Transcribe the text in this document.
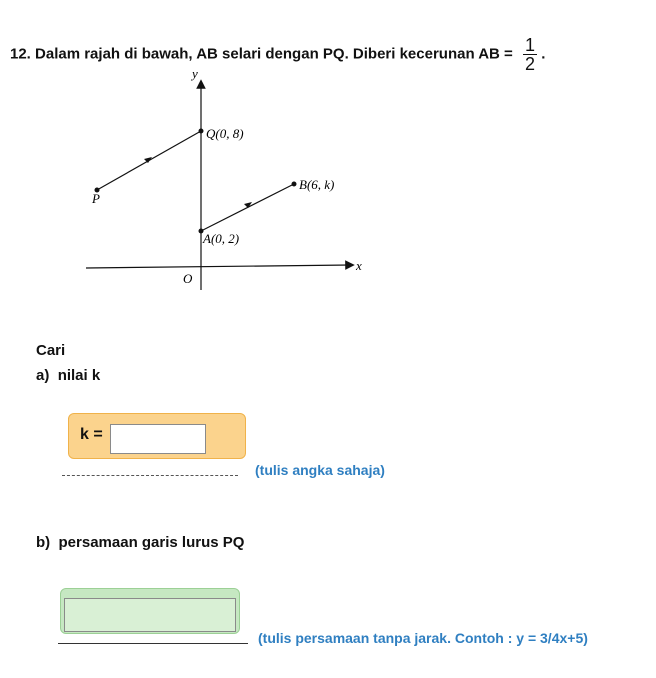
12. Dalam rajah di bawah, AB selari dengan PQ. Diberi kecerunan AB = $\frac{1}{2}$ .
y
x
O
Q(0, 8)
P
B(6, k)
A(0, 2)
Cari
a) nilai k
k =
(tulis angka sahaja)
b) persamaan garis lurus PQ
(tulis persamaan tanpa jarak. Contoh : y = 3/4x+5)
